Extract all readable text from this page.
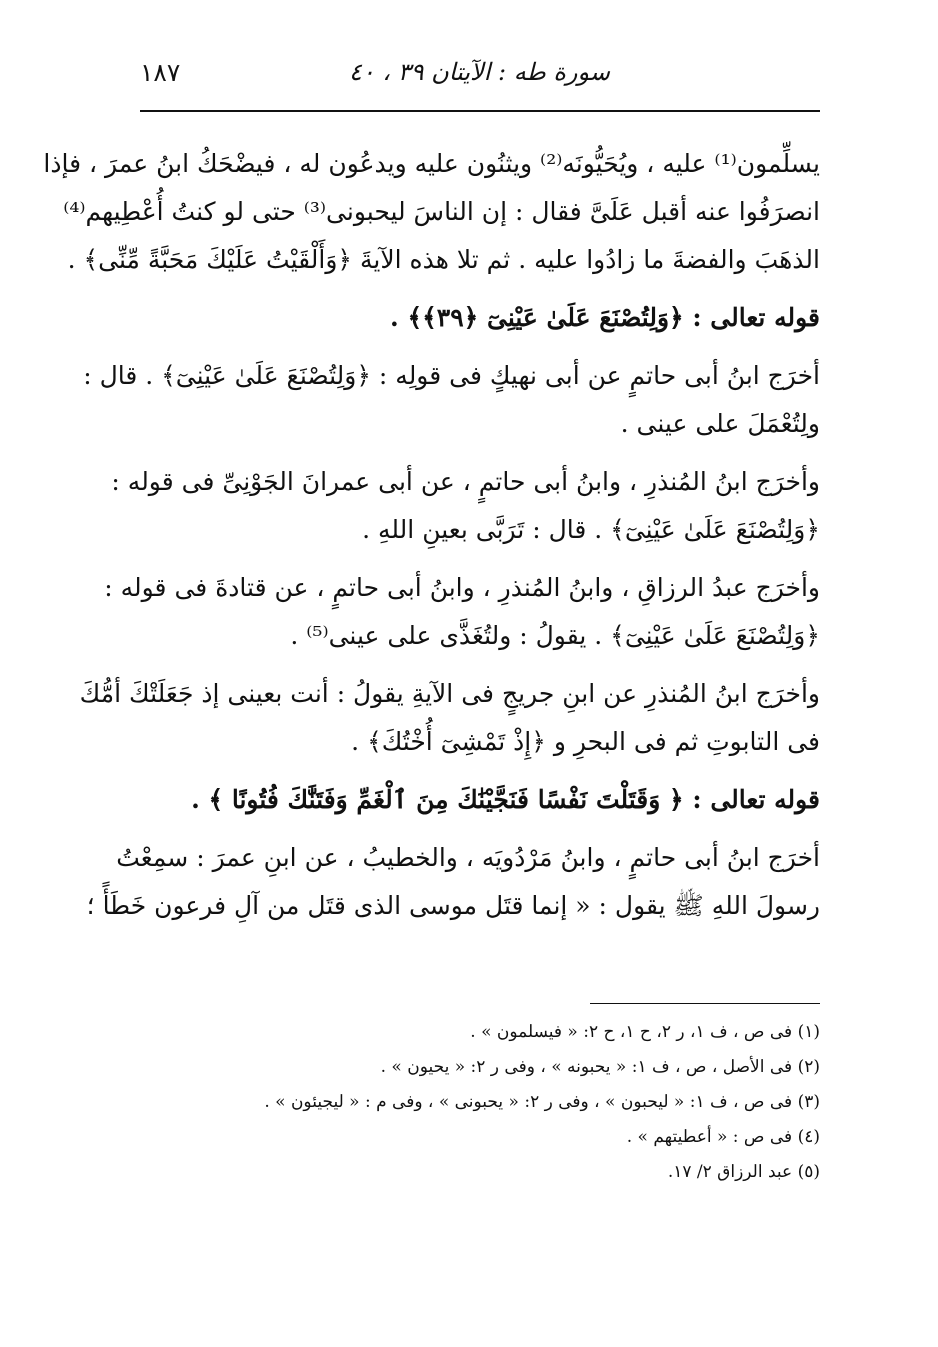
١٨٧	سورة طه : الآيتان ٣٩ ، ٤٠

يسلِّمون⁽¹⁾ عليه ، ويُحَيُّونَه⁽²⁾ ويثنُون عليه ويدعُون له ، فيضْحَكُ ابنُ عمرَ ، فإذا
انصرَفُوا عنه أقبل عَلَىَّ فقال : إن الناسَ ليحبونى⁽³⁾ حتى لو كنتُ أُعْطِيهم⁽⁴⁾
الذهَبَ والفضةَ ما زادُوا عليه . ثم تلا هذه الآيةَ ﴿وَأَلْقَيْتُ عَلَيْكَ مَحَبَّةً مِّنِّى﴾ .

قوله تعالى : ﴿وَلِتُصْنَعَ عَلَىٰ عَيْنِىٓ ﴿٣٩﴾﴾ .

أخرَج ابنُ أبى حاتمٍ عن أبى نهيكٍ فى قولِه : ﴿وَلِتُصْنَعَ عَلَىٰ عَيْنِىٓ﴾ . قال :
ولِتُعْمَلَ على عينى .

وأخرَج ابنُ المُنذرِ ، وابنُ أبى حاتمٍ ، عن أبى عمرانَ الجَوْنِىِّ فى قوله :
﴿وَلِتُصْنَعَ عَلَىٰ عَيْنِىٓ﴾ . قال : تَرَبَّى بعينِ اللهِ .

وأخرَج عبدُ الرزاقِ ، وابنُ المُنذرِ ، وابنُ أبى حاتمٍ ، عن قتادةَ فى قوله :
﴿وَلِتُصْنَعَ عَلَىٰ عَيْنِىٓ﴾ . يقولُ : ولتُغَذَّى على عينى⁽⁵⁾ .

وأخرَج ابنُ المُنذرِ عن ابنِ جريجٍ فى الآيةِ يقولُ : أنت بعينى إذ جَعَلَتْكَ أمُّكَ
فى التابوتِ ثم فى البحرِ و ﴿إِذْ تَمْشِىٓ أُخْتُكَ﴾ .

قوله تعالى : ﴿ وَقَتَلْتَ نَفْسًا فَنَجَّيْنَٰكَ مِنَ ٱلْغَمِّ وَفَتَنَّٰكَ فُتُونًا ﴾ .

أخرَج ابنُ أبى حاتمٍ ، وابنُ مَرْدُويَه ، والخطيبُ ، عن ابنِ عمرَ : سمِعْتُ
رسولَ اللهِ ﷺ يقول : « إنما قتَل موسى الذى قتَل من آلِ فرعون خَطَأً ؛

(١) فى ص ، ف ١، ر ٢، ح ١، ح ٢: « فيسلمون » .
(٢) فى الأصل ، ص ، ف ١: « يحبونه » ، وفى ر ٢: « يحيون » .
(٣) فى ص ، ف ١: « ليحبون » ، وفى ر ٢: « يحبونى » ، وفى م : « ليجيئون » .
(٤) فى ص : « أعطيتهم » .
(٥) عبد الرزاق ٢/ ١٧.
